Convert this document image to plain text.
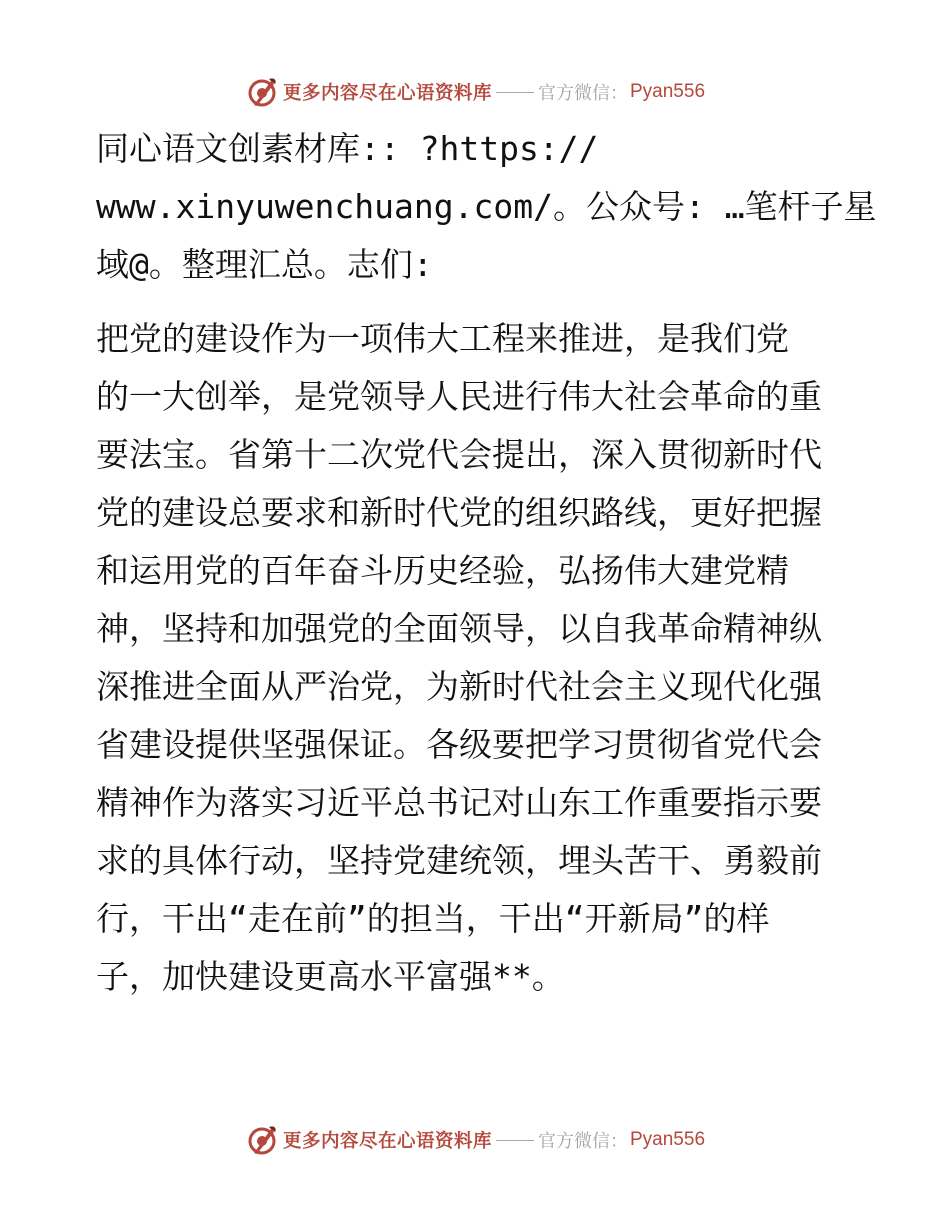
更多内容尽在心语资料库	官方微信： Pyan556
同心语文创素材库:: ?https://
www.xinyuwenchuang.com/。公众号: …笔杆子星
域@。整理汇总。志们:
把党的建设作为一项伟大工程来推进，是我们党
的一大创举，是党领导人民进行伟大社会革命的重
要法宝。省第十二次党代会提出，深入贯彻新时代
党的建设总要求和新时代党的组织路线，更好把握
和运用党的百年奋斗历史经验，弘扬伟大建党精
神，坚持和加强党的全面领导，以自我革命精神纵
深推进全面从严治党，为新时代社会主义现代化强
省建设提供坚强保证。各级要把学习贯彻省党代会
精神作为落实习近平总书记对山东工作重要指示要
求的具体行动，坚持党建统领，埋头苦干、勇毅前
行，干出“走在前”的担当，干出“开新局”的样
子，加快建设更高水平富强**。
更多内容尽在心语资料库	官方微信： Pyan556
